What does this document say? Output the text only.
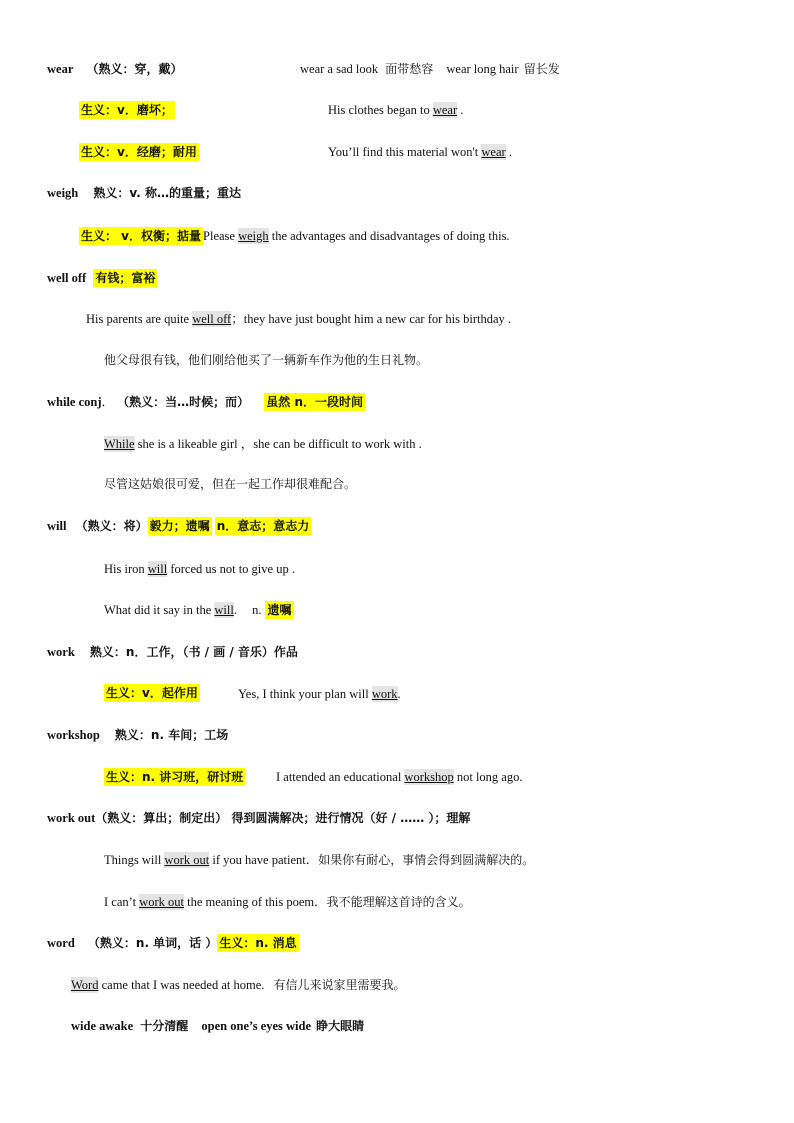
wear （熟义：穿，戴）	wear a sad look 面带愁容 wear long hair 留长发
生义：v．磨坏；	His clothes began to wear .
生义：v．经磨；耐用	You’ll find this material won't wear .
weigh 熟义：v. 称…的重量；重达
生义： v．权衡；掂量 Please weigh the advantages and disadvantages of doing this.
well off 有钱；富裕
His parents are quite well off；they have just bought him a new car for his birthday .
他父母很有钱，他们刚给他买了一辆新车作为他的生日礼物。
while conj． （熟义：当…时候；而） 虽然 n．一段时间
While she is a likeable girl ，she can be difficult to work with .
尽管这姑娘很可爱，但在一起工作却很难配合。
will （熟义：将） 毅力；遗嘱 n．意志；意志力
His iron will forced us not to give up .
What did it say in the will. n. 遗嘱
work 熟义：n．工作，（书 / 画 / 音乐）作品
生义：v．起作用	Yes, I think your plan will work.
workshop 熟义：n. 车间；工场
生义：n. 讲习班，研讨班	I attended an educational workshop not long ago.
work out（熟义：算出；制定出） 得到圆满解决；进行情况（好 / …… ）；理解
Things will work out if you have patient．如果你有耐心，事情会得到圆满解决的。
I can’t work out the meaning of this poem．我不能理解这首诗的含义。
word （熟义：n. 单词，话 ） 生义：n. 消息
Word came that I was needed at home. 有信儿来说家里需要我。
wide awake 十分清醒 open one’s eyes wide 睁大眼睛
